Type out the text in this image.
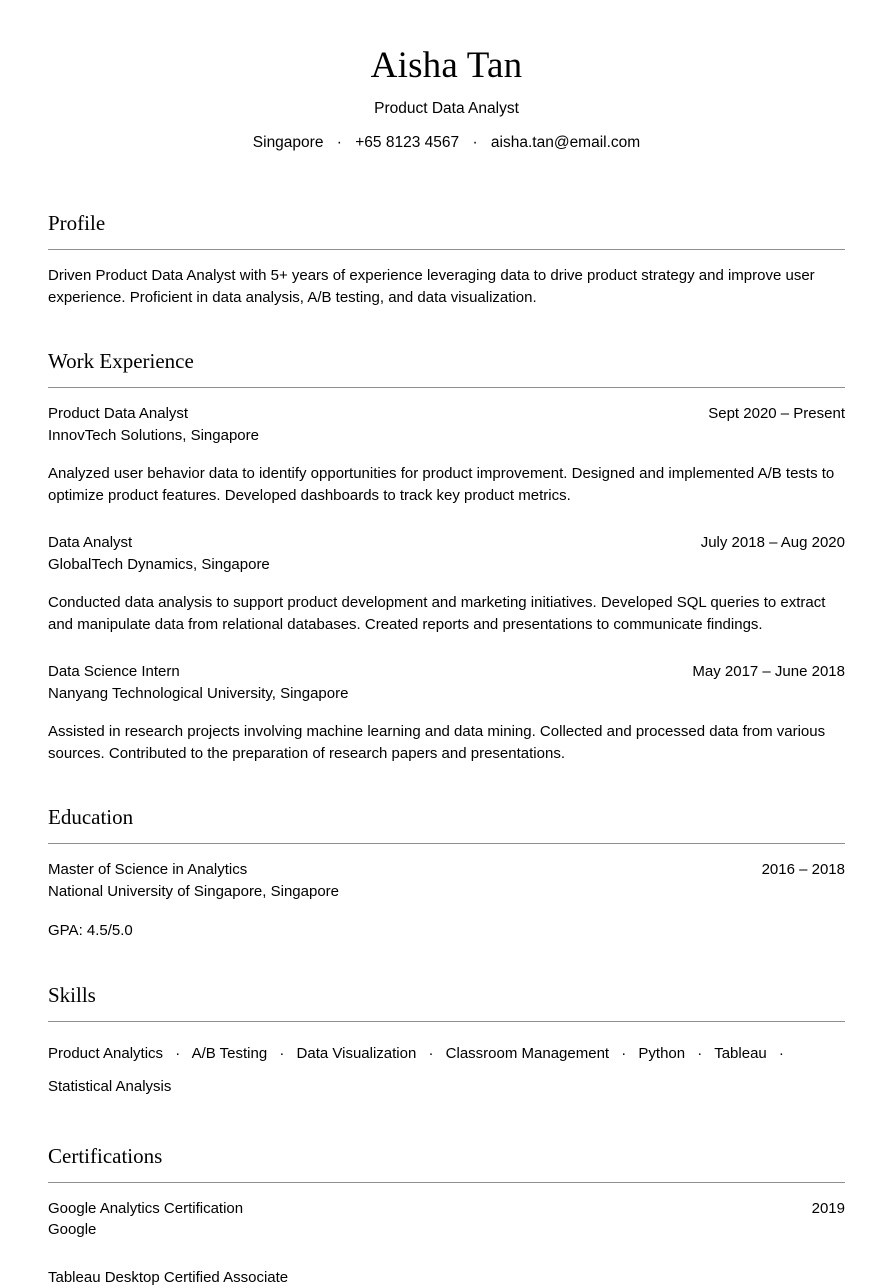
Aisha Tan
Product Data Analyst
Singapore · +65 8123 4567 · aisha.tan@email.com
Profile

Driven Product Data Analyst with 5+ years of experience leveraging data to drive product strategy and improve user experience. Proficient in data analysis, A/B testing, and data visualization.

Work Experience
Product Data Analyst	Sept 2020 – Present
InnovTech Solutions, Singapore
Analyzed user behavior data to identify opportunities for product improvement. Designed and implemented A/B tests to optimize product features. Developed dashboards to track key product metrics.
Data Analyst	July 2018 – Aug 2020
GlobalTech Dynamics, Singapore
Conducted data analysis to support product development and marketing initiatives. Developed SQL queries to extract and manipulate data from relational databases. Created reports and presentations to communicate findings.
Data Science Intern	May 2017 – June 2018
Nanyang Technological University, Singapore
Assisted in research projects involving machine learning and data mining. Collected and processed data from various sources. Contributed to the preparation of research papers and presentations.
Education
Master of Science in Analytics	2016 – 2018
National University of Singapore, Singapore
GPA: 4.5/5.0
Skills
Product Analytics · A/B Testing · Data Visualization · Classroom Management · Python · Tableau · Statistical Analysis
Certifications
Google Analytics Certification	2019
Google
Tableau Desktop Certified Associate
